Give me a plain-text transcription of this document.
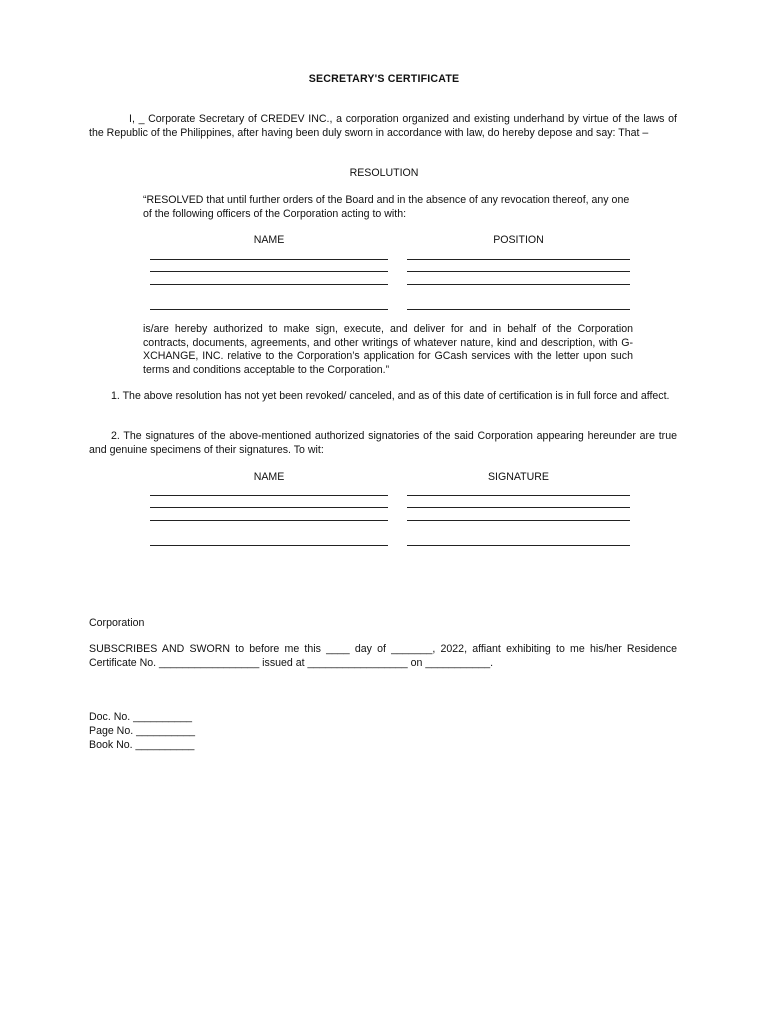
SECRETARY'S CERTIFICATE
I, _ Corporate Secretary of CREDEV INC., a corporation organized and existing underhand by virtue of the laws of the Republic of the Philippines, after having been duly sworn in accordance with law, do hereby depose and say: That –
RESOLUTION
“RESOLVED that until further orders of the Board and in the absence of any revocation thereof, any one of the following officers of the Corporation acting to with:
NAME	POSITION
is/are hereby authorized to make sign, execute, and deliver for and in behalf of the Corporation contracts, documents, agreements, and other writings of whatever nature, kind and description, with G-XCHANGE, INC. relative to the Corporation’s application for GCash services with the letter upon such terms and conditions acceptable to the Corporation.”
1. The above resolution has not yet been revoked/ canceled, and as of this date of certification is in full force and affect.
2. The signatures of the above-mentioned authorized signatories of the said Corporation appearing hereunder are true and genuine specimens of their signatures. To wit:
NAME	SIGNATURE
Corporation
SUBSCRIBES AND SWORN to before me this ____ day of _______, 2022, affiant exhibiting to me his/her Residence Certificate No. _________________ issued at _________________ on ___________.
Doc. No. __________
Page No. __________
Book No. __________
